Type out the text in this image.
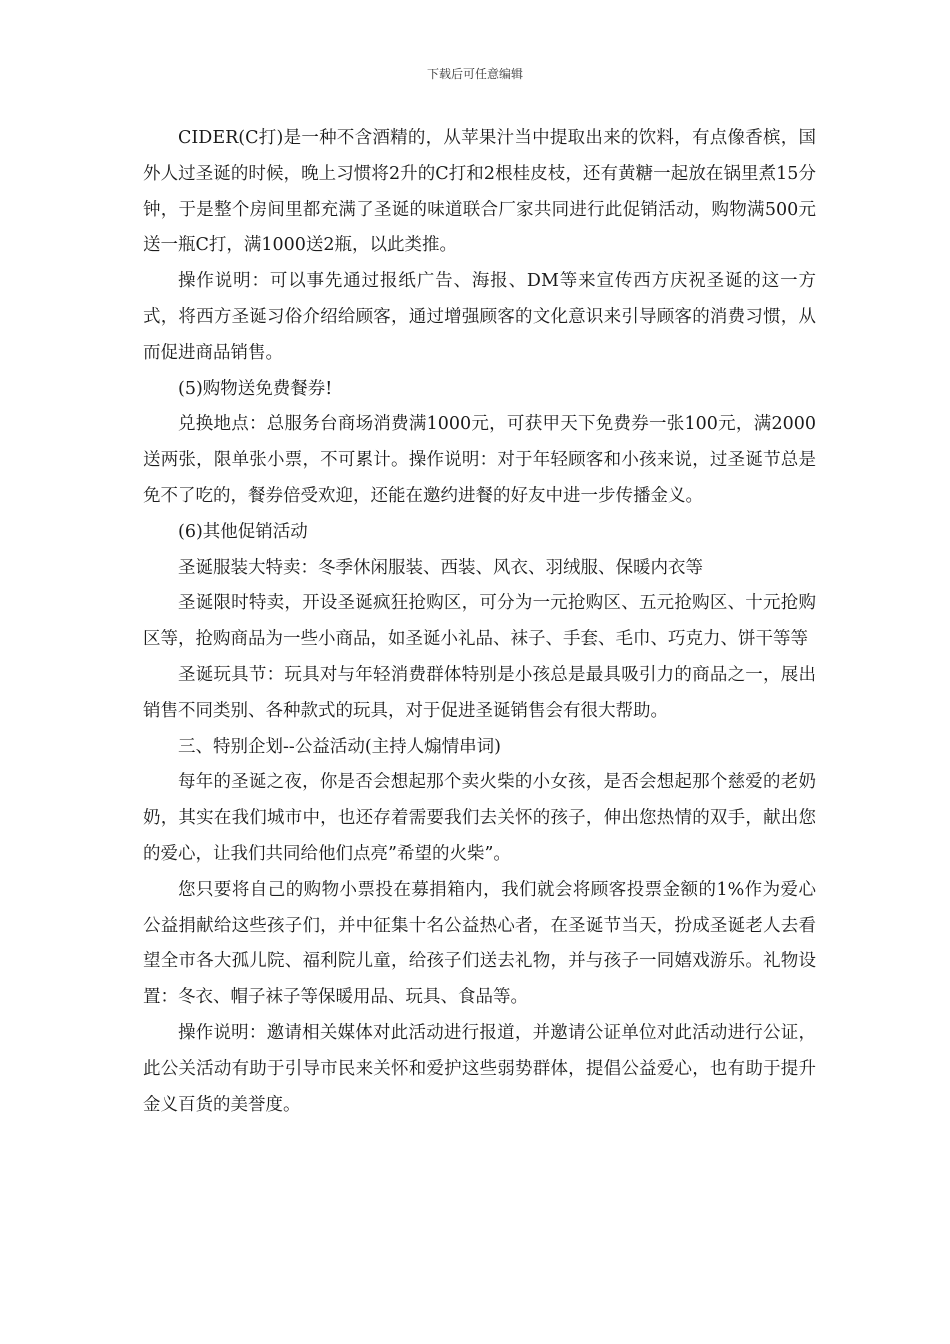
下载后可任意编辑

CIDER(C打)是一种不含酒精的，从苹果汁当中提取出来的饮料，有点像香槟，国外人过圣诞的时候，晚上习惯将2升的C打和2根桂皮枝，还有黄糖一起放在锅里煮15分钟，于是整个房间里都充满了圣诞的味道联合厂家共同进行此促销活动，购物满500元送一瓶C打，满1000送2瓶，以此类推。

操作说明：可以事先通过报纸广告、海报、DM等来宣传西方庆祝圣诞的这一方式，将西方圣诞习俗介绍给顾客，通过增强顾客的文化意识来引导顾客的消费习惯，从而促进商品销售。

(5)购物送免费餐券!

兑换地点：总服务台商场消费满1000元，可获甲天下免费券一张100元，满2000送两张，限单张小票，不可累计。操作说明：对于年轻顾客和小孩来说，过圣诞节总是免不了吃的，餐券倍受欢迎，还能在邀约进餐的好友中进一步传播金义。

(6)其他促销活动

圣诞服装大特卖：冬季休闲服装、西装、风衣、羽绒服、保暖内衣等

圣诞限时特卖，开设圣诞疯狂抢购区，可分为一元抢购区、五元抢购区、十元抢购区等，抢购商品为一些小商品，如圣诞小礼品、袜子、手套、毛巾、巧克力、饼干等等

圣诞玩具节：玩具对与年轻消费群体特别是小孩总是最具吸引力的商品之一，展出销售不同类别、各种款式的玩具，对于促进圣诞销售会有很大帮助。

三、特别企划--公益活动(主持人煽情串词)

每年的圣诞之夜，你是否会想起那个卖火柴的小女孩，是否会想起那个慈爱的老奶奶，其实在我们城市中，也还存着需要我们去关怀的孩子，伸出您热情的双手，献出您的爱心，让我们共同给他们点亮”希望的火柴”。

您只要将自己的购物小票投在募捐箱内，我们就会将顾客投票金额的1%作为爱心公益捐献给这些孩子们，并中征集十名公益热心者，在圣诞节当天，扮成圣诞老人去看望全市各大孤儿院、福利院儿童，给孩子们送去礼物，并与孩子一同嬉戏游乐。礼物设置：冬衣、帽子袜子等保暖用品、玩具、食品等。

操作说明：邀请相关媒体对此活动进行报道，并邀请公证单位对此活动进行公证，此公关活动有助于引导市民来关怀和爱护这些弱势群体，提倡公益爱心，也有助于提升金义百货的美誉度。
